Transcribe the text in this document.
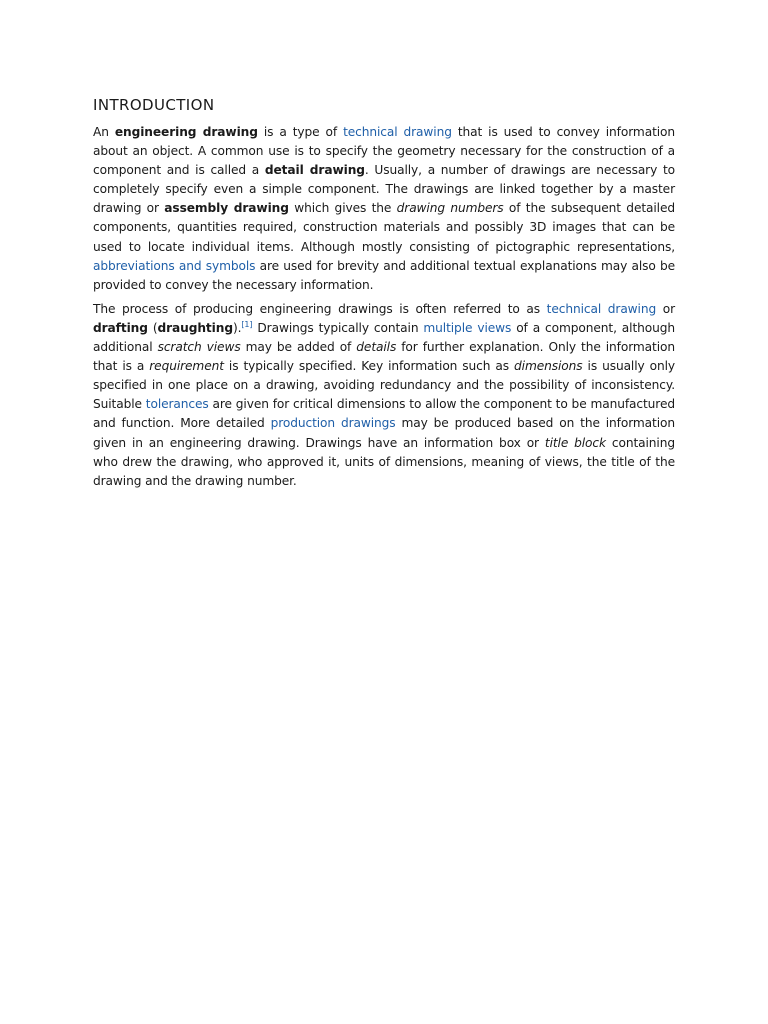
INTRODUCTION

An engineering drawing is a type of technical drawing that is used to convey information about an object. A common use is to specify the geometry necessary for the construction of a component and is called a detail drawing. Usually, a number of drawings are necessary to completely specify even a simple component. The drawings are linked together by a master drawing or assembly drawing which gives the drawing numbers of the subsequent detailed components, quantities required, construction materials and possibly 3D images that can be used to locate individual items. Although mostly consisting of pictographic representations, abbreviations and symbols are used for brevity and additional textual explanations may also be provided to convey the necessary information.

The process of producing engineering drawings is often referred to as technical drawing or drafting (draughting).[1] Drawings typically contain multiple views of a component, although additional scratch views may be added of details for further explanation. Only the information that is a requirement is typically specified. Key information such as dimensions is usually only specified in one place on a drawing, avoiding redundancy and the possibility of inconsistency. Suitable tolerances are given for critical dimensions to allow the component to be manufactured and function. More detailed production drawings may be produced based on the information given in an engineering drawing. Drawings have an information box or title block containing who drew the drawing, who approved it, units of dimensions, meaning of views, the title of the drawing and the drawing number.
